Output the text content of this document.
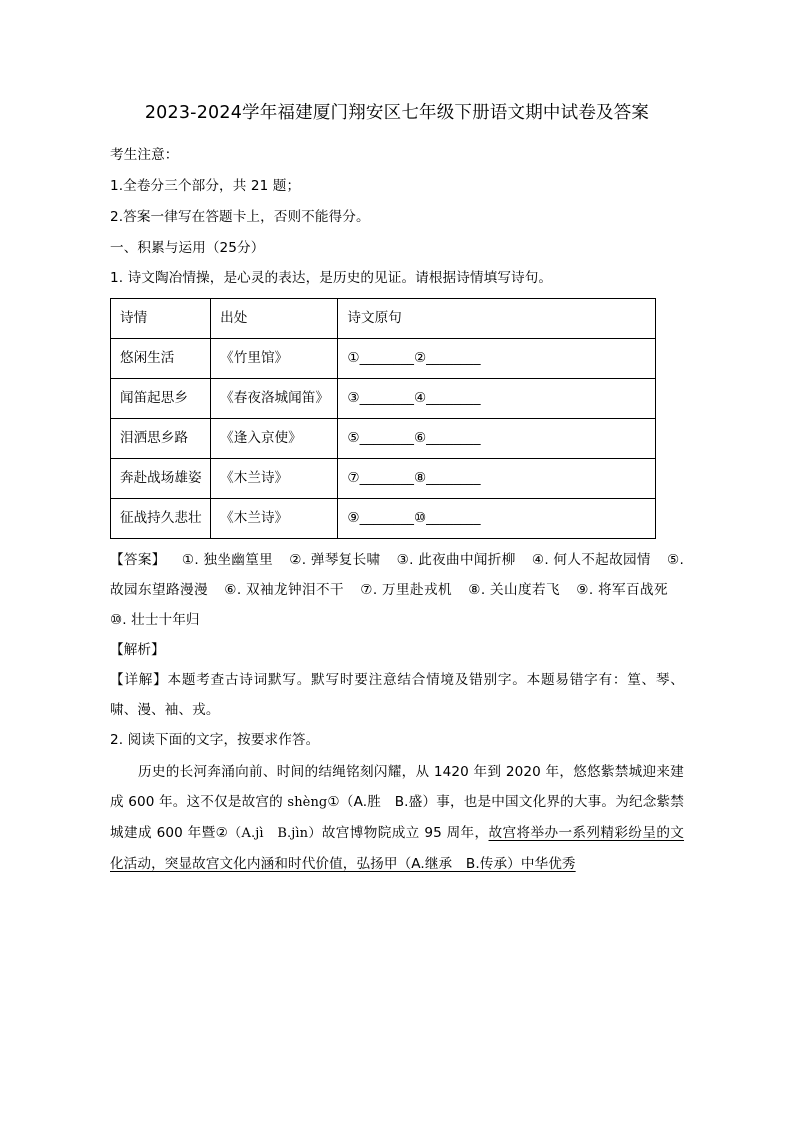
2023-2024学年福建厦门翔安区七年级下册语文期中试卷及答案

考生注意：

1.全卷分三个部分，共 21 题；

2.答案一律写在答题卡上，否则不能得分。

一、积累与运用（25分）

1. 诗文陶冶情操，是心灵的表达，是历史的见证。请根据诗情填写诗句。

诗情	出处	诗文原句
悠闲生活	《竹里馆》	①________②________
闻笛起思乡	《春夜洛城闻笛》	③________④________
泪洒思乡路	《逢入京使》	⑤________⑥________
奔赴战场雄姿	《木兰诗》	⑦________⑧________
征战持久悲壮	《木兰诗》	⑨________⑩________

【答案】 ①. 独坐幽篁里 ②. 弹琴复长啸 ③. 此夜曲中闻折柳 ④. 何人不起故园情 ⑤. 故园东望路漫漫 ⑥. 双袖龙钟泪不干 ⑦. 万里赴戎机 ⑧. 关山度若飞 ⑨. 将军百战死⑩. 壮士十年归

【解析】

【详解】本题考查古诗词默写。默写时要注意结合情境及错别字。本题易错字有：篁、琴、啸、漫、袖、戎。

2. 阅读下面的文字，按要求作答。

历史的长河奔涌向前、时间的结绳铭刻闪耀，从 1420 年到 2020 年，悠悠紫禁城迎来建成 600 年。这不仅是故宫的 shèng①（A.胜　B.盛）事，也是中国文化界的大事。为纪念紫禁城建成 600 年暨②（A.jì　B.jìn）故宫博物院成立 95 周年，故宫将举办一系列精彩纷呈的文化活动，突显故宫文化内涵和时代价值，弘扬甲（A.继承　B.传承）中华优秀
